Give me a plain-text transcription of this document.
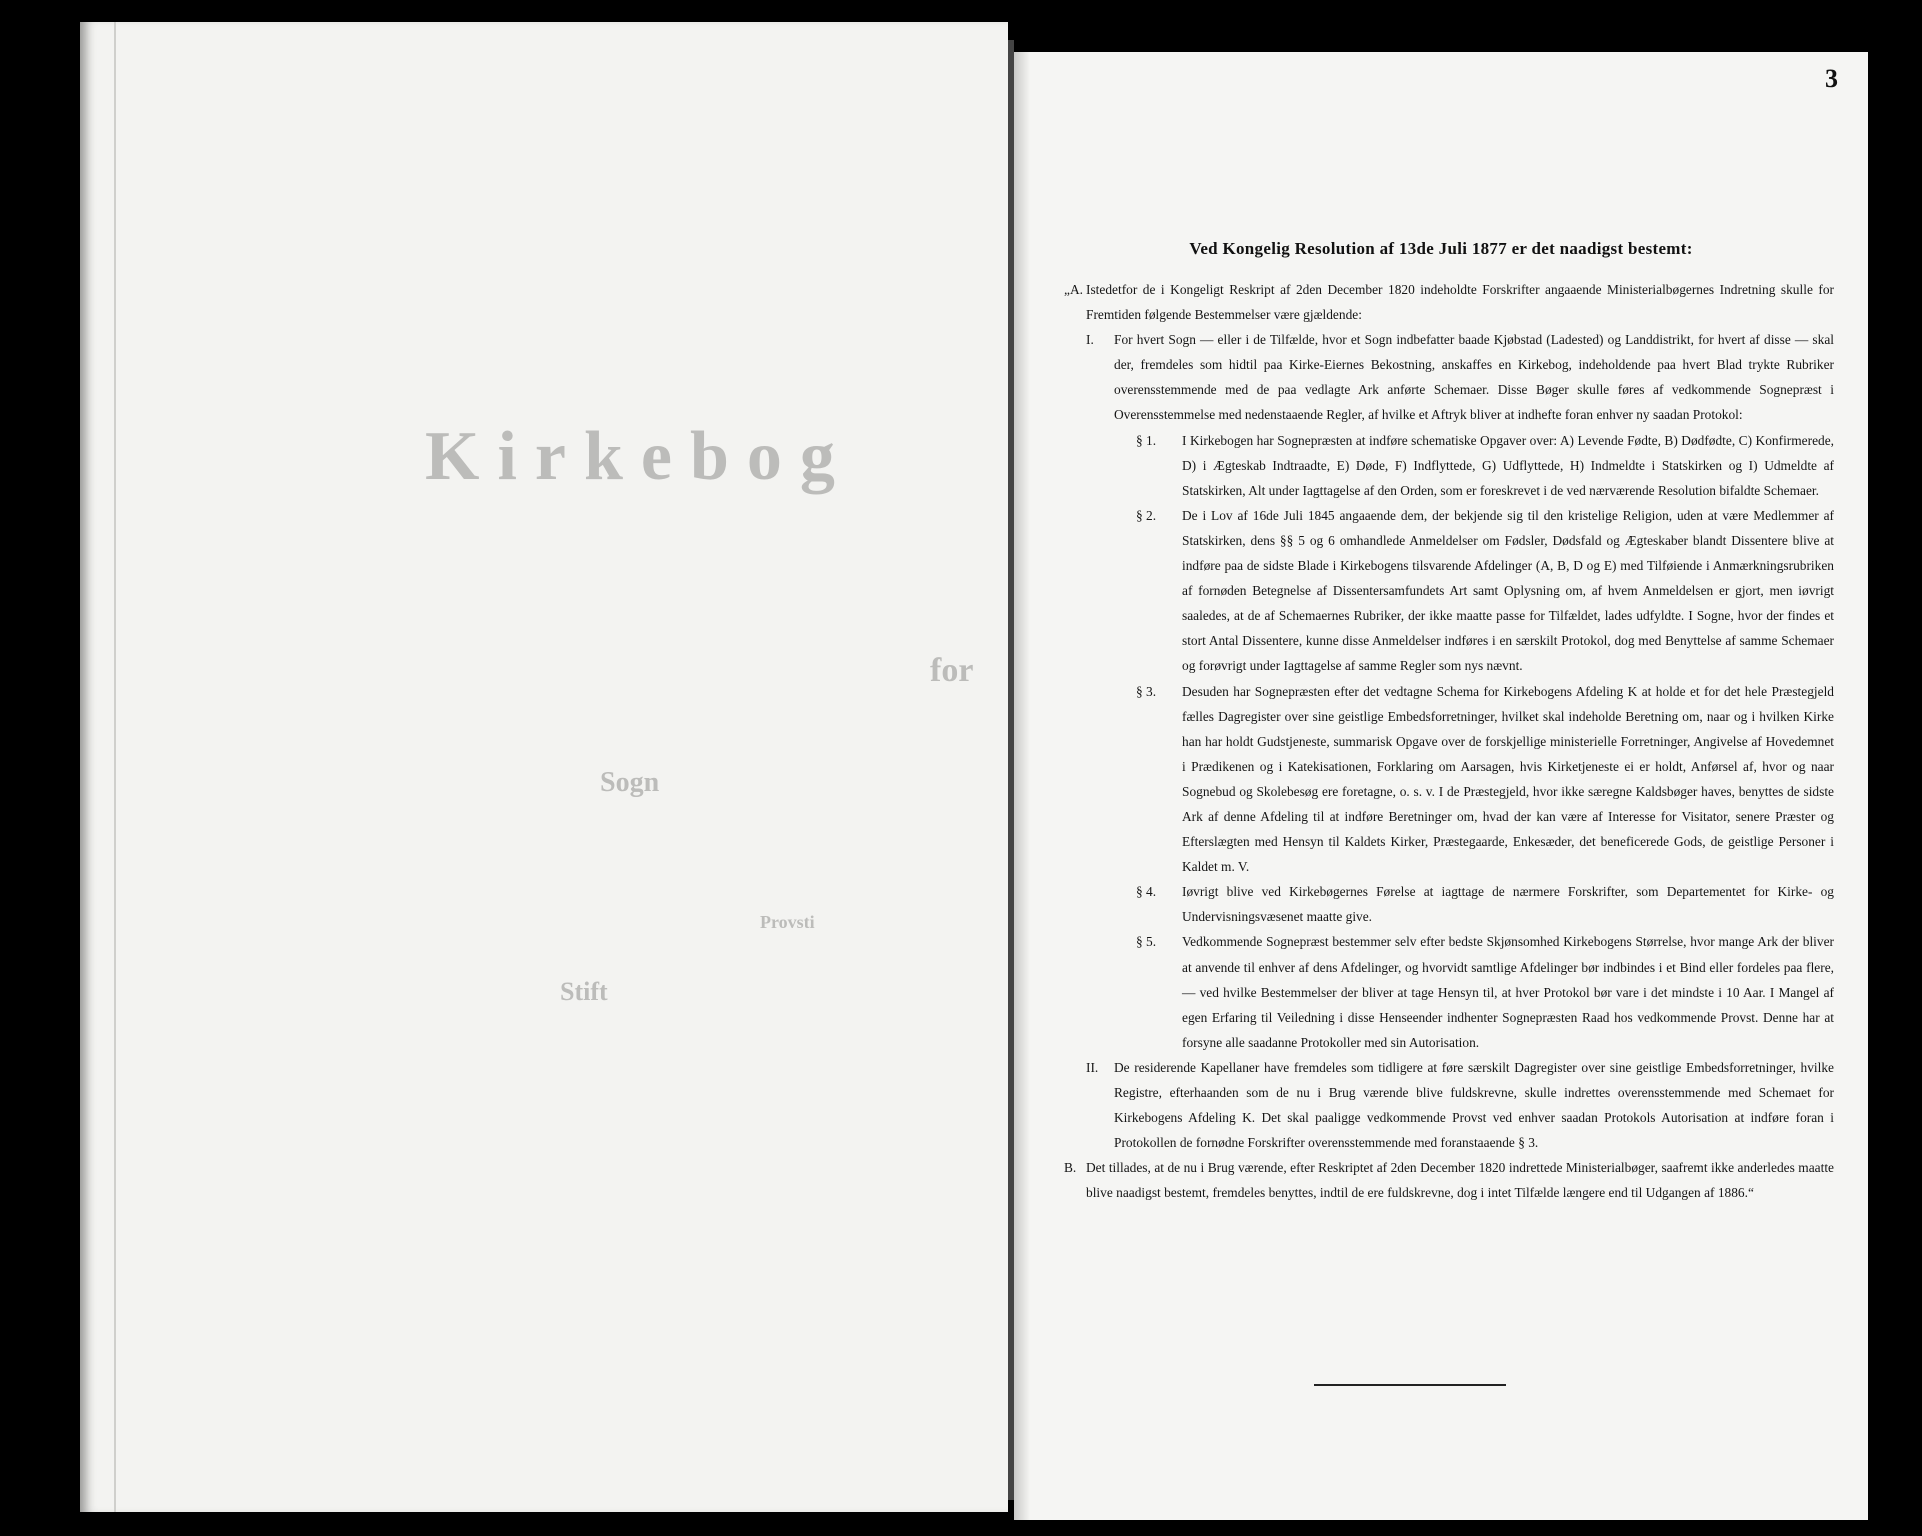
Kirkebog
for
Sogn
Provsti
Stift
3
Ved Kongelig Resolution af 13de Juli 1877 er det naadigst bestemt:
„A. Istedetfor de i Kongeligt Reskript af 2den December 1820 indeholdte Forskrifter angaaende Ministerialbøgernes Indretning skulle for Fremtiden følgende Bestemmelser være gjældende:
I.	For hvert Sogn — eller i de Tilfælde, hvor et Sogn indbefatter baade Kjøbstad (Ladested) og Landdistrikt, for hvert af disse — skal der, fremdeles som hidtil paa Kirke-Eiernes Bekostning, anskaffes en Kirkebog, indeholdende paa hvert Blad trykte Rubriker overensstemmende med de paa vedlagte Ark anførte Schemaer. Disse Bøger skulle føres af vedkommende Sognepræst i Overensstemmelse med nedenstaaende Regler, af hvilke et Aftryk bliver at indhefte foran enhver ny saadan Protokol:
§ 1.	I Kirkebogen har Sognepræsten at indføre schematiske Opgaver over: A) Levende Fødte, B) Dødfødte, C) Konfirmerede, D) i Ægteskab Indtraadte, E) Døde, F) Indflyttede, G) Udflyttede, H) Indmeldte i Statskirken og I) Udmeldte af Statskirken, Alt under Iagttagelse af den Orden, som er foreskrevet i de ved nærværende Resolution bifaldte Schemaer.
§ 2.	De i Lov af 16de Juli 1845 angaaende dem, der bekjende sig til den kristelige Religion, uden at være Medlemmer af Statskirken, dens §§ 5 og 6 omhandlede Anmeldelser om Fødsler, Dødsfald og Ægteskaber blandt Dissentere blive at indføre paa de sidste Blade i Kirkebogens tilsvarende Afdelinger (A, B, D og E) med Tilføiende i Anmærkningsrubriken af fornøden Betegnelse af Dissentersamfundets Art samt Oplysning om, af hvem Anmeldelsen er gjort, men iøvrigt saaledes, at de af Schemaernes Rubriker, der ikke maatte passe for Tilfældet, lades udfyldte. I Sogne, hvor der findes et stort Antal Dissentere, kunne disse Anmeldelser indføres i en særskilt Protokol, dog med Benyttelse af samme Schemaer og forøvrigt under Iagttagelse af samme Regler som nys nævnt.
§ 3.	Desuden har Sognepræsten efter det vedtagne Schema for Kirkebogens Afdeling K at holde et for det hele Præstegjeld fælles Dagregister over sine geistlige Embedsforretninger, hvilket skal indeholde Beretning om, naar og i hvilken Kirke han har holdt Gudstjeneste, summarisk Opgave over de forskjellige ministerielle Forretninger, Angivelse af Hovedemnet i Prædikenen og i Katekisationen, Forklaring om Aarsagen, hvis Kirketjeneste ei er holdt, Anførsel af, hvor og naar Sognebud og Skolebesøg ere foretagne, o. s. v. I de Præstegjeld, hvor ikke særegne Kaldsbøger haves, benyttes de sidste Ark af denne Afdeling til at indføre Beretninger om, hvad der kan være af Interesse for Visitator, senere Præster og Efterslægten med Hensyn til Kaldets Kirker, Præstegaarde, Enkesæder, det beneficerede Gods, de geistlige Personer i Kaldet m. V.
§ 4.	Iøvrigt blive ved Kirkebøgernes Førelse at iagttage de nærmere Forskrifter, som Departementet for Kirke- og Undervisningsvæsenet maatte give.
§ 5.	Vedkommende Sognepræst bestemmer selv efter bedste Skjønsomhed Kirkebogens Størrelse, hvor mange Ark der bliver at anvende til enhver af dens Afdelinger, og hvorvidt samtlige Afdelinger bør indbindes i et Bind eller fordeles paa flere, — ved hvilke Bestemmelser der bliver at tage Hensyn til, at hver Protokol bør vare i det mindste i 10 Aar. I Mangel af egen Erfaring til Veiledning i disse Henseender indhenter Sognepræsten Raad hos vedkommende Provst. Denne har at forsyne alle saadanne Protokoller med sin Autorisation.
II.	De residerende Kapellaner have fremdeles som tidligere at føre særskilt Dagregister over sine geistlige Embedsforretninger, hvilke Registre, efterhaanden som de nu i Brug værende blive fuldskrevne, skulle indrettes overensstemmende med Schemaet for Kirkebogens Afdeling K. Det skal paaligge vedkommende Provst ved enhver saadan Protokols Autorisation at indføre foran i Protokollen de fornødne Forskrifter overensstemmende med foranstaaende § 3.
B. Det tillades, at de nu i Brug værende, efter Reskriptet af 2den December 1820 indrettede Ministerialbøger, saafremt ikke anderledes maatte blive naadigst bestemt, fremdeles benyttes, indtil de ere fuldskrevne, dog i intet Tilfælde længere end til Udgangen af 1886.“
